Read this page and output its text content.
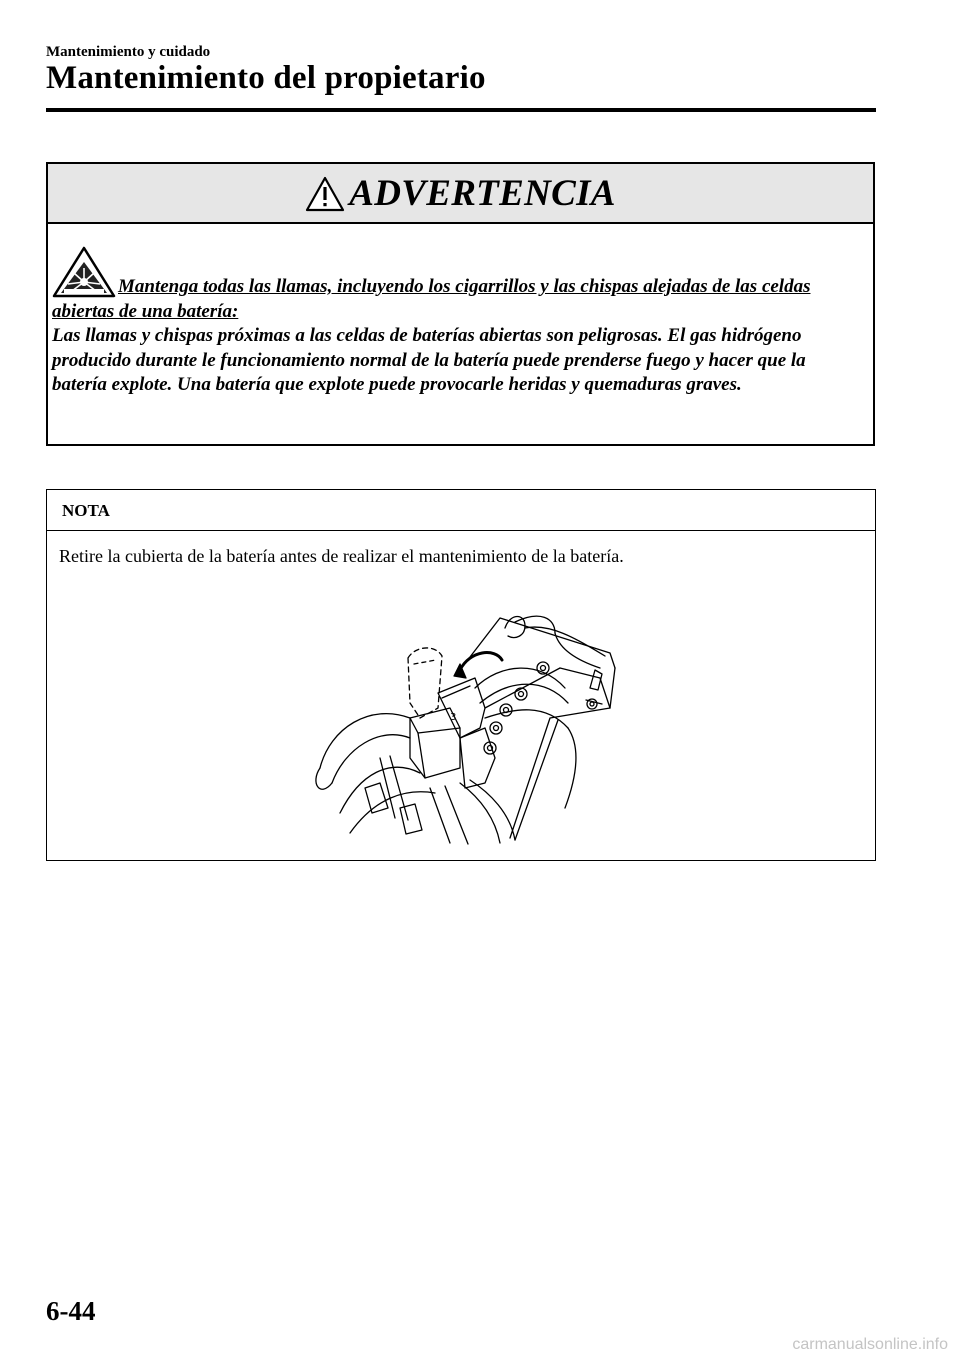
Mantenimiento y cuidado
Mantenimiento del propietario
ADVERTENCIA
Mantenga todas las llamas, incluyendo los cigarrillos y las chispas alejadas de las celdas abiertas de una batería:
Las llamas y chispas próximas a las celdas de baterías abiertas son peligrosas. El gas hidrógeno producido durante le funcionamiento normal de la batería puede prenderse fuego y hacer que la batería explote. Una batería que explote puede provocarle heridas y quemaduras graves.
NOTA
Retire la cubierta de la batería antes de realizar el mantenimiento de la batería.
3
6-44
carmanualsonline.info
